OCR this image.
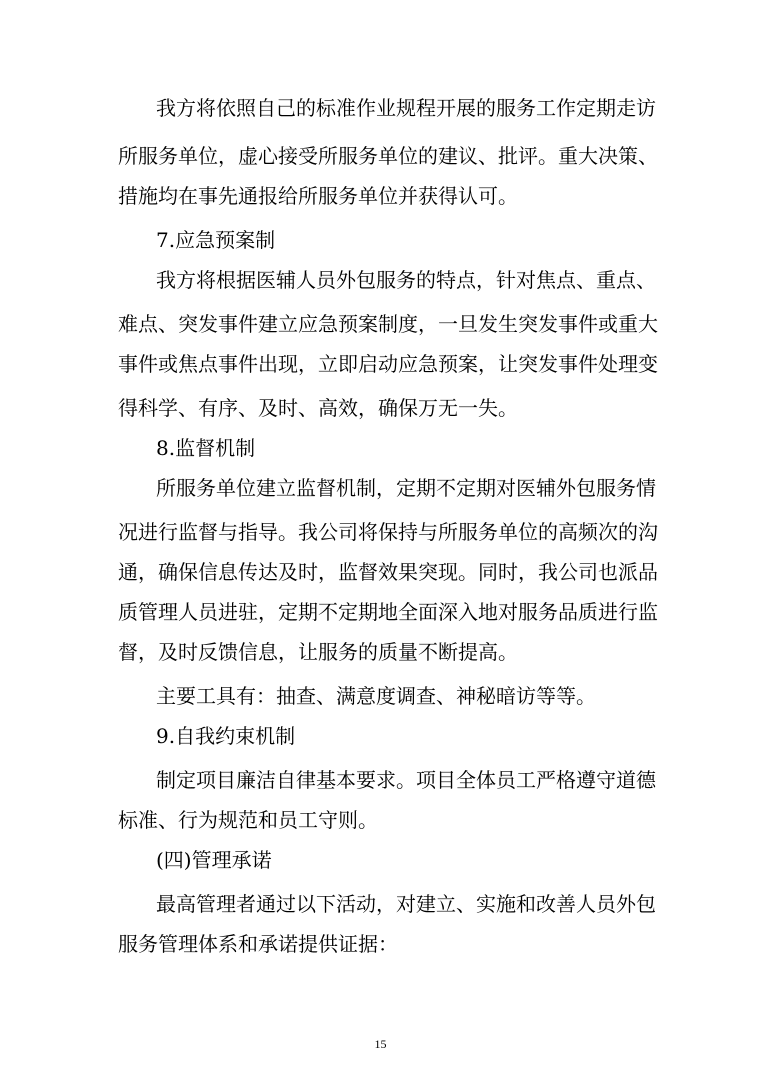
我方将依照自己的标准作业规程开展的服务工作定期走访
所服务单位，虚心接受所服务单位的建议、批评。重大决策、
措施均在事先通报给所服务单位并获得认可。
7.应急预案制
我方将根据医辅人员外包服务的特点，针对焦点、重点、
难点、突发事件建立应急预案制度，一旦发生突发事件或重大
事件或焦点事件出现，立即启动应急预案，让突发事件处理变
得科学、有序、及时、高效，确保万无一失。
8.监督机制
所服务单位建立监督机制，定期不定期对医辅外包服务情
况进行监督与指导。我公司将保持与所服务单位的高频次的沟
通，确保信息传达及时，监督效果突现。同时，我公司也派品
质管理人员进驻，定期不定期地全面深入地对服务品质进行监
督，及时反馈信息，让服务的质量不断提高。
主要工具有：抽查、满意度调查、神秘暗访等等。
9.自我约束机制
制定项目廉洁自律基本要求。项目全体员工严格遵守道德
标准、行为规范和员工守则。
(四)管理承诺
最高管理者通过以下活动，对建立、实施和改善人员外包
服务管理体系和承诺提供证据：
15
